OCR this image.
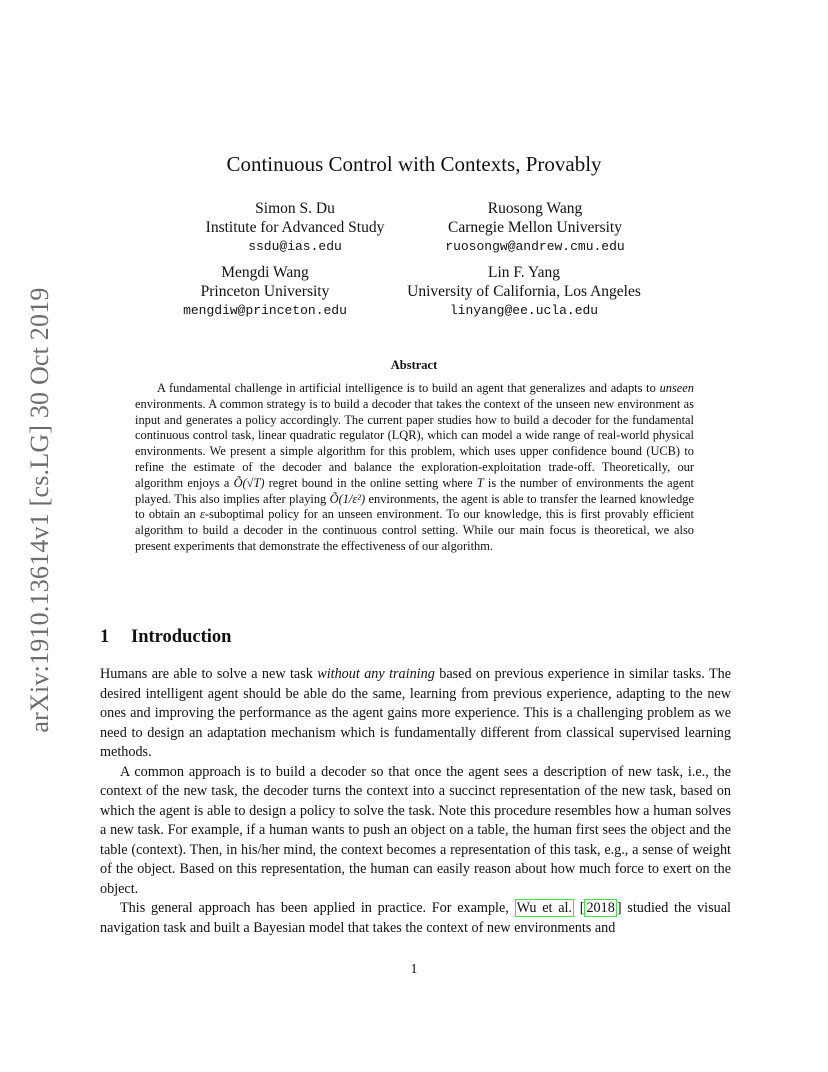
arXiv:1910.13614v1 [cs.LG] 30 Oct 2019
Continuous Control with Contexts, Provably
Simon S. Du
Institute for Advanced Study
ssdu@ias.edu
Ruosong Wang
Carnegie Mellon University
ruosongw@andrew.cmu.edu
Mengdi Wang
Princeton University
mengdiw@princeton.edu
Lin F. Yang
University of California, Los Angeles
linyang@ee.ucla.edu
Abstract

A fundamental challenge in artificial intelligence is to build an agent that generalizes and adapts to unseen environments. A common strategy is to build a decoder that takes the context of the unseen new environment as input and generates a policy accordingly. The current paper studies how to build a decoder for the fundamental continuous control task, linear quadratic regulator (LQR), which can model a wide range of real-world physical environments. We present a simple algorithm for this problem, which uses upper confidence bound (UCB) to refine the estimate of the decoder and balance the exploration-exploitation trade-off. Theoretically, our algorithm enjoys a Õ(√T) regret bound in the online setting where T is the number of environments the agent played. This also implies after playing Õ(1/ε²) environments, the agent is able to transfer the learned knowledge to obtain an ε-suboptimal policy for an unseen environment. To our knowledge, this is first provably efficient algorithm to build a decoder in the continuous control setting. While our main focus is theoretical, we also present experiments that demonstrate the effectiveness of our algorithm.

1 Introduction

Humans are able to solve a new task without any training based on previous experience in similar tasks. The desired intelligent agent should be able do the same, learning from previous experience, adapting to the new ones and improving the performance as the agent gains more experience. This is a challenging problem as we need to design an adaptation mechanism which is fundamentally different from classical supervised learning methods.

A common approach is to build a decoder so that once the agent sees a description of new task, i.e., the context of the new task, the decoder turns the context into a succinct representation of the new task, based on which the agent is able to design a policy to solve the task. Note this procedure resembles how a human solves a new task. For example, if a human wants to push an object on a table, the human first sees the object and the table (context). Then, in his/her mind, the context becomes a representation of this task, e.g., a sense of weight of the object. Based on this representation, the human can easily reason about how much force to exert on the object.

This general approach has been applied in practice. For example, Wu et al. [ 2018 ] studied the visual navigation task and built a Bayesian model that takes the context of new environments and

1
